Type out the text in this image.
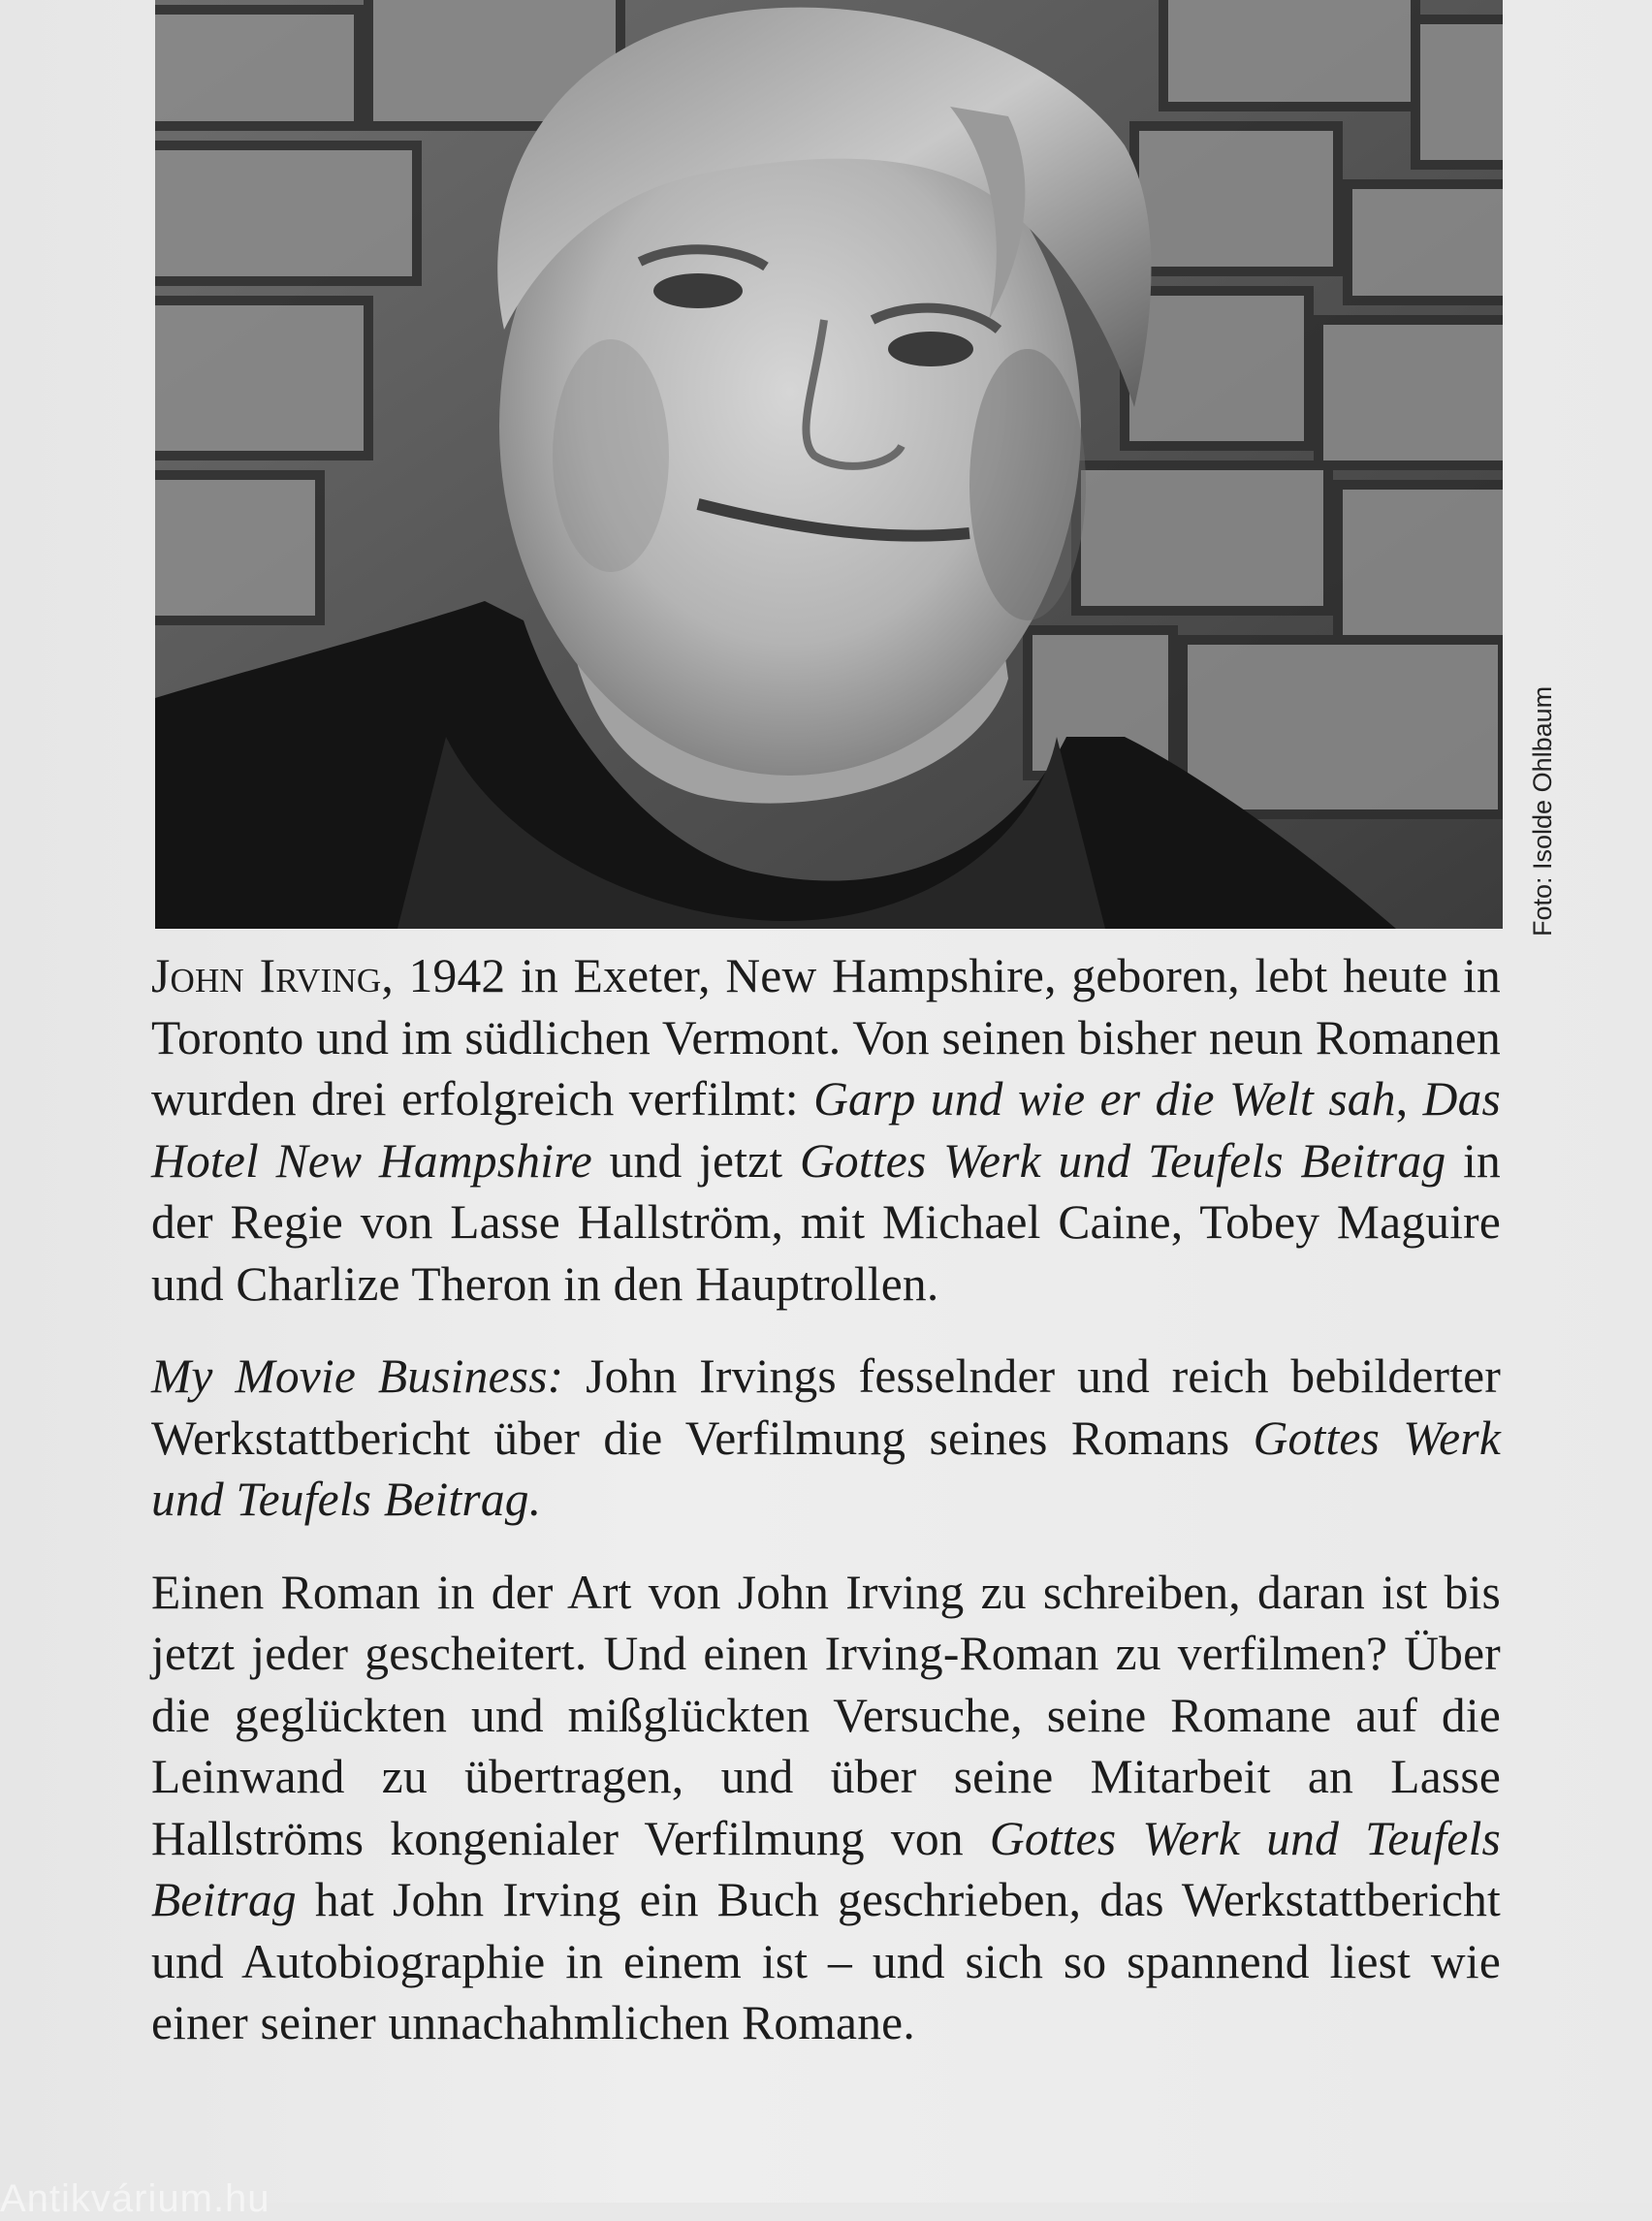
Foto: Isolde Ohlbaum

John Irving, 1942 in Exeter, New Hampshire, geboren, lebt heute in Toronto und im südlichen Vermont. Von seinen bisher neun Romanen wurden drei erfolgreich verfilmt: Garp und wie er die Welt sah, Das Hotel New Hampshire und jetzt Gottes Werk und Teufels Beitrag in der Regie von Lasse Hallström, mit Michael Caine, Tobey Maguire und Charlize Theron in den Hauptrollen.

My Movie Business: John Irvings fesselnder und reich bebilderter Werkstattbericht über die Verfilmung seines Romans Gottes Werk und Teufels Beitrag.

Einen Roman in der Art von John Irving zu schreiben, daran ist bis jetzt jeder gescheitert. Und einen Irving-Roman zu verfilmen? Über die geglückten und mißglückten Versuche, seine Romane auf die Leinwand zu übertragen, und über seine Mitarbeit an Lasse Hallströms kongenialer Verfilmung von Gottes Werk und Teufels Beitrag hat John Irving ein Buch geschrieben, das Werkstattbericht und Autobiographie in einem ist – und sich so spannend liest wie einer seiner unnachahmlichen Romane.

Antikvárium.hu
